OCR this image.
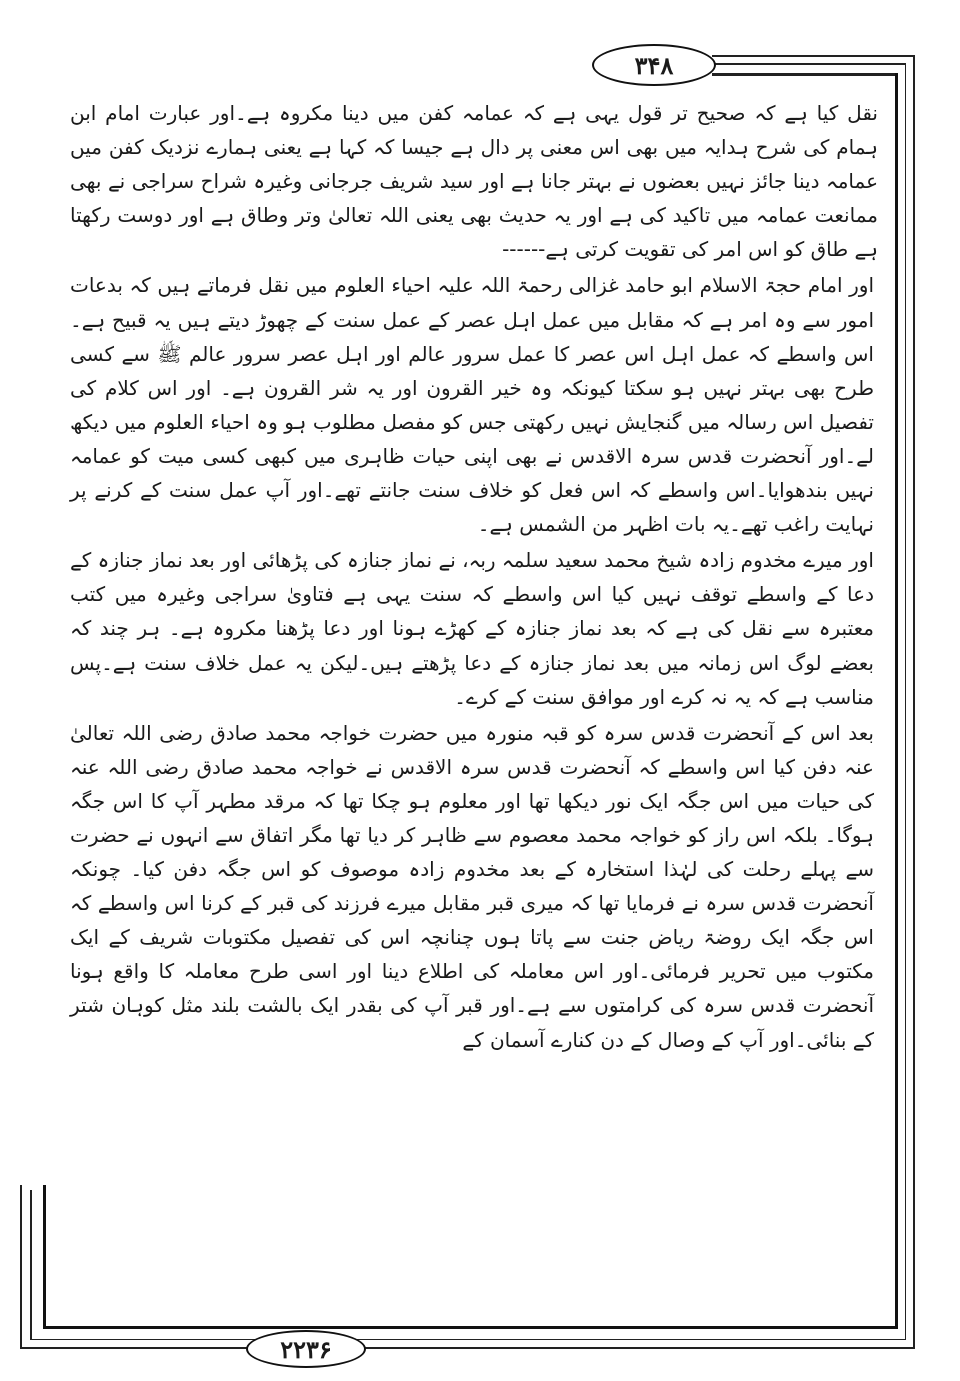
۳۴۸

نقل کیا ہے کہ صحیح تر قول یہی ہے کہ عمامہ کفن میں دینا مکروہ ہے۔اور عبارت امام ابن ہمام کی شرح ہدایہ میں بھی اس معنی پر دال ہے جیسا کہ کہا ہے یعنی ہمارے نزدیک کفن میں عمامہ دینا جائز نہیں بعضوں نے بہتر جانا ہے اور سید شریف جرجانی وغیرہ شراح سراجی نے بھی ممانعت عمامہ میں تاکید کی ہے اور یہ حدیث بھی یعنی اللہ تعالیٰ وتر وطاق ہے اور دوست رکھتا ہے طاق کو اس امر کی تقویت کرتی ہے------

اور امام حجۃ الاسلام ابو حامد غزالی رحمۃ اللہ علیہ احیاء العلوم میں نقل فرماتے ہیں کہ بدعات امور سے وہ امر ہے کہ مقابل میں عمل اہل عصر کے عمل سنت کے چھوڑ دیتے ہیں یہ قبیح ہے۔اس واسطے کہ عمل اہل اس عصر کا عمل سرور عالم اور اہل عصر سرور عالم ﷺ سے کسی طرح بھی بہتر نہیں ہو سکتا کیونکہ وہ خیر القرون اور یہ شر القرون ہے۔ اور اس کلام کی تفصیل اس رسالہ میں گنجایش نہیں رکھتی جس کو مفصل مطلوب ہو وہ احیاء العلوم میں دیکھ لے۔اور آنحضرت قدس سرہ الاقدس نے بھی اپنی حیات ظاہری میں کبھی کسی میت کو عمامہ نہیں بندھوایا۔اس واسطے کہ اس فعل کو خلاف سنت جانتے تھے۔اور آپ عمل سنت کے کرنے پر نہایت راغب تھے۔یہ بات اظہر من الشمس ہے۔

اور میرے مخدوم زادہ شیخ محمد سعید سلمہ ربہ، نے نماز جنازہ کی پڑھائی اور بعد نماز جنازہ کے دعا کے واسطے توقف نہیں کیا اس واسطے کہ سنت یہی ہے فتاویٰ سراجی وغیرہ میں کتب معتبرہ سے نقل کی ہے کہ بعد نماز جنازہ کے کھڑے ہونا اور دعا پڑھنا مکروہ ہے۔ ہر چند کہ بعضے لوگ اس زمانہ میں بعد نماز جنازہ کے دعا پڑھتے ہیں۔لیکن یہ عمل خلاف سنت ہے۔پس مناسب ہے کہ یہ نہ کرے اور موافق سنت کے کرے۔

بعد اس کے آنحضرت قدس سرہ کو قبہ منورہ میں حضرت خواجہ محمد صادق رضی اللہ تعالیٰ عنہ دفن کیا اس واسطے کہ آنحضرت قدس سرہ الاقدس نے خواجہ محمد صادق رضی اللہ عنہ کی حیات میں اس جگہ ایک نور دیکھا تھا اور معلوم ہو چکا تھا کہ مرقد مطہر آپ کا اس جگہ ہوگا۔ بلکہ اس راز کو خواجہ محمد معصوم سے ظاہر کر دیا تھا مگر اتفاق سے انہوں نے حضرت سے پہلے رحلت کی لہٰذا استخارہ کے بعد مخدوم زادہ موصوف کو اس جگہ دفن کیا۔ چونکہ آنحضرت قدس سرہ نے فرمایا تھا کہ میری قبر مقابل میرے فرزند کی قبر کے کرنا اس واسطے کہ اس جگہ ایک روضۃ ریاض جنت سے پاتا ہوں چنانچہ اس کی تفصیل مکتوبات شریف کے ایک مکتوب میں تحریر فرمائی۔اور اس معاملہ کی اطلاع دینا اور اسی طرح معاملہ کا واقع ہونا آنحضرت قدس سرہ کی کرامتوں سے ہے۔اور قبر آپ کی بقدر ایک بالشت بلند مثل کوہان شتر کے بنائی۔اور آپ کے وصال کے دن کنارے آسمان کے

۲۲۳۶
